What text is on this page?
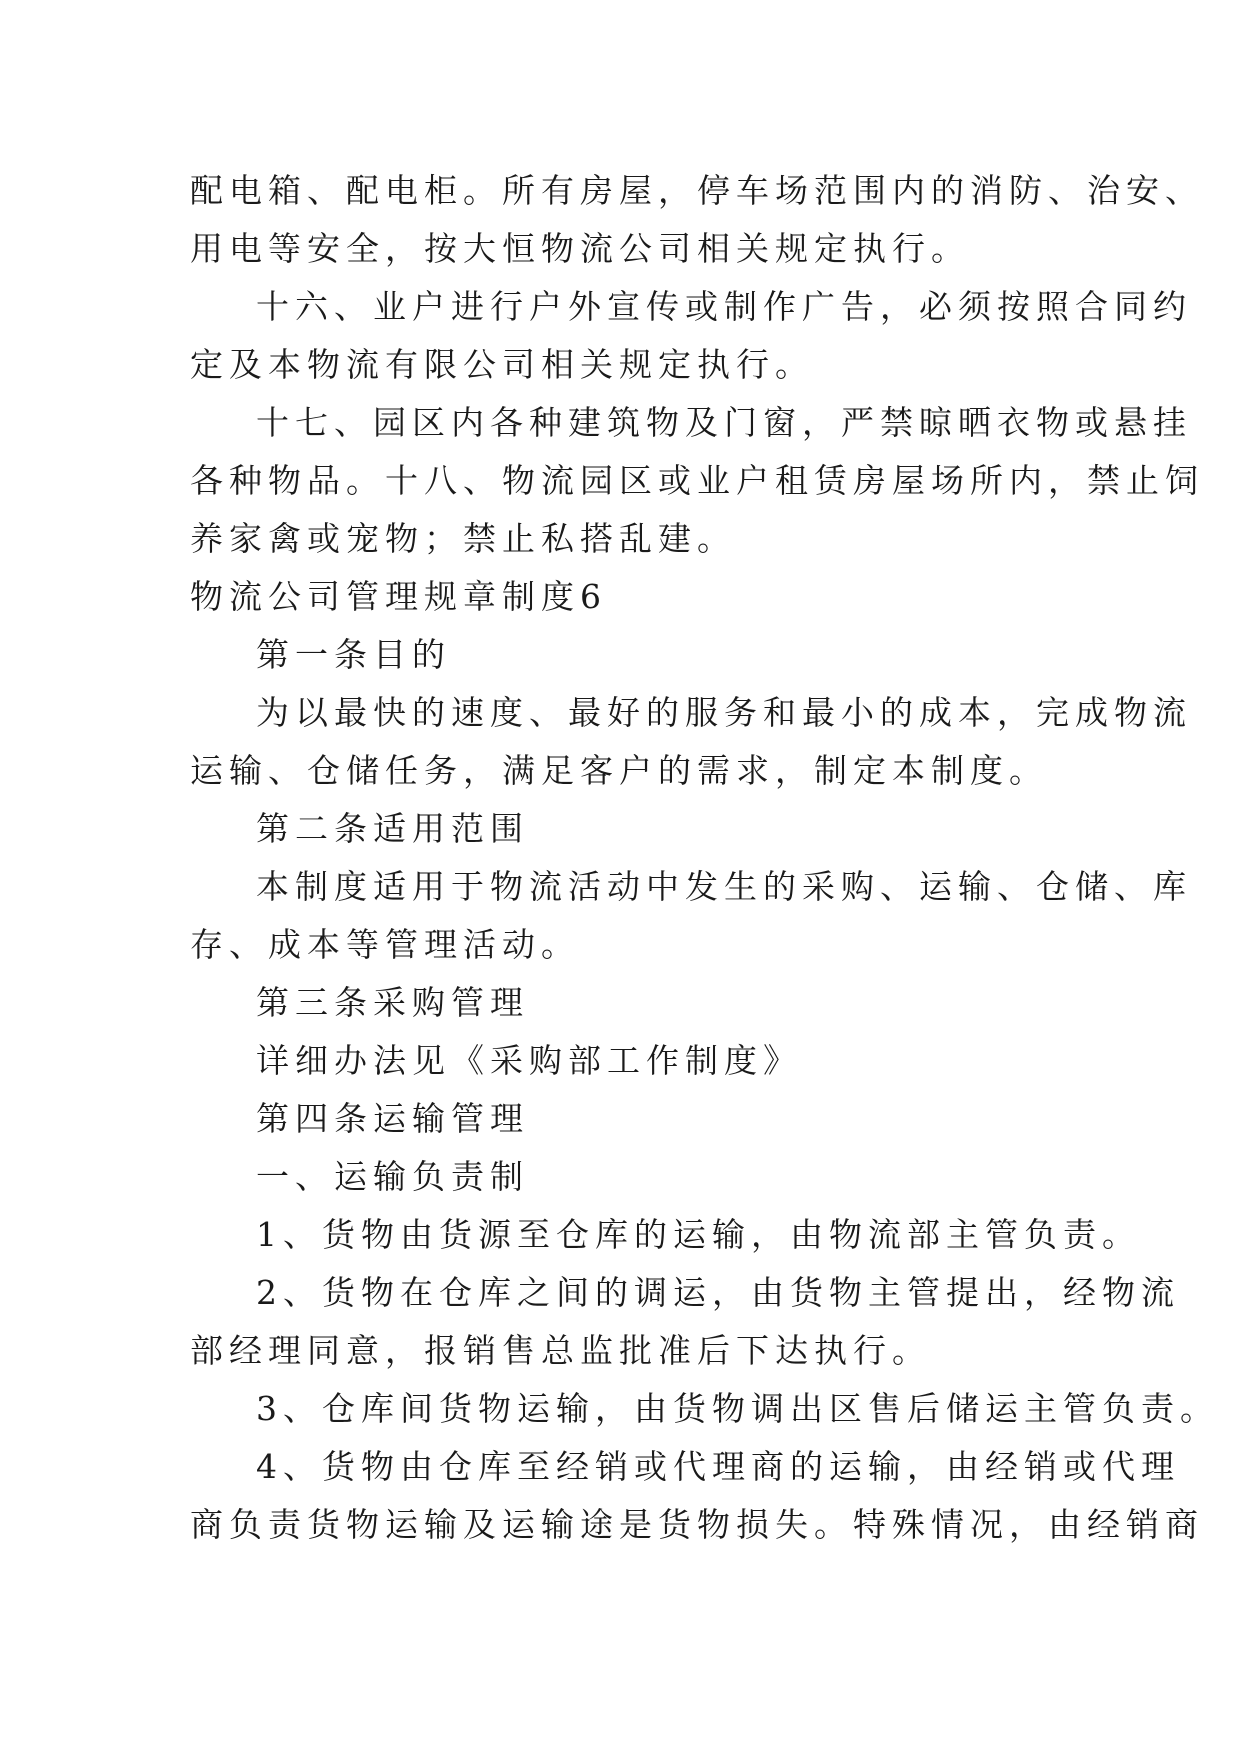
配电箱、配电柜。所有房屋，停车场范围内的消防、治安、
用电等安全，按大恒物流公司相关规定执行。
十六、业户进行户外宣传或制作广告，必须按照合同约
定及本物流有限公司相关规定执行。
十七、园区内各种建筑物及门窗，严禁晾晒衣物或悬挂
各种物品。十八、物流园区或业户租赁房屋场所内，禁止饲
养家禽或宠物；禁止私搭乱建。
物流公司管理规章制度6
第一条目的
为以最快的速度、最好的服务和最小的成本，完成物流
运输、仓储任务，满足客户的需求，制定本制度。
第二条适用范围
本制度适用于物流活动中发生的采购、运输、仓储、库
存、成本等管理活动。
第三条采购管理
详细办法见《采购部工作制度》
第四条运输管理
一、运输负责制
1、货物由货源至仓库的运输，由物流部主管负责。
2、货物在仓库之间的调运，由货物主管提出，经物流
部经理同意，报销售总监批准后下达执行。
3、仓库间货物运输，由货物调出区售后储运主管负责。
4、货物由仓库至经销或代理商的运输，由经销或代理
商负责货物运输及运输途是货物损失。特殊情况，由经销商
